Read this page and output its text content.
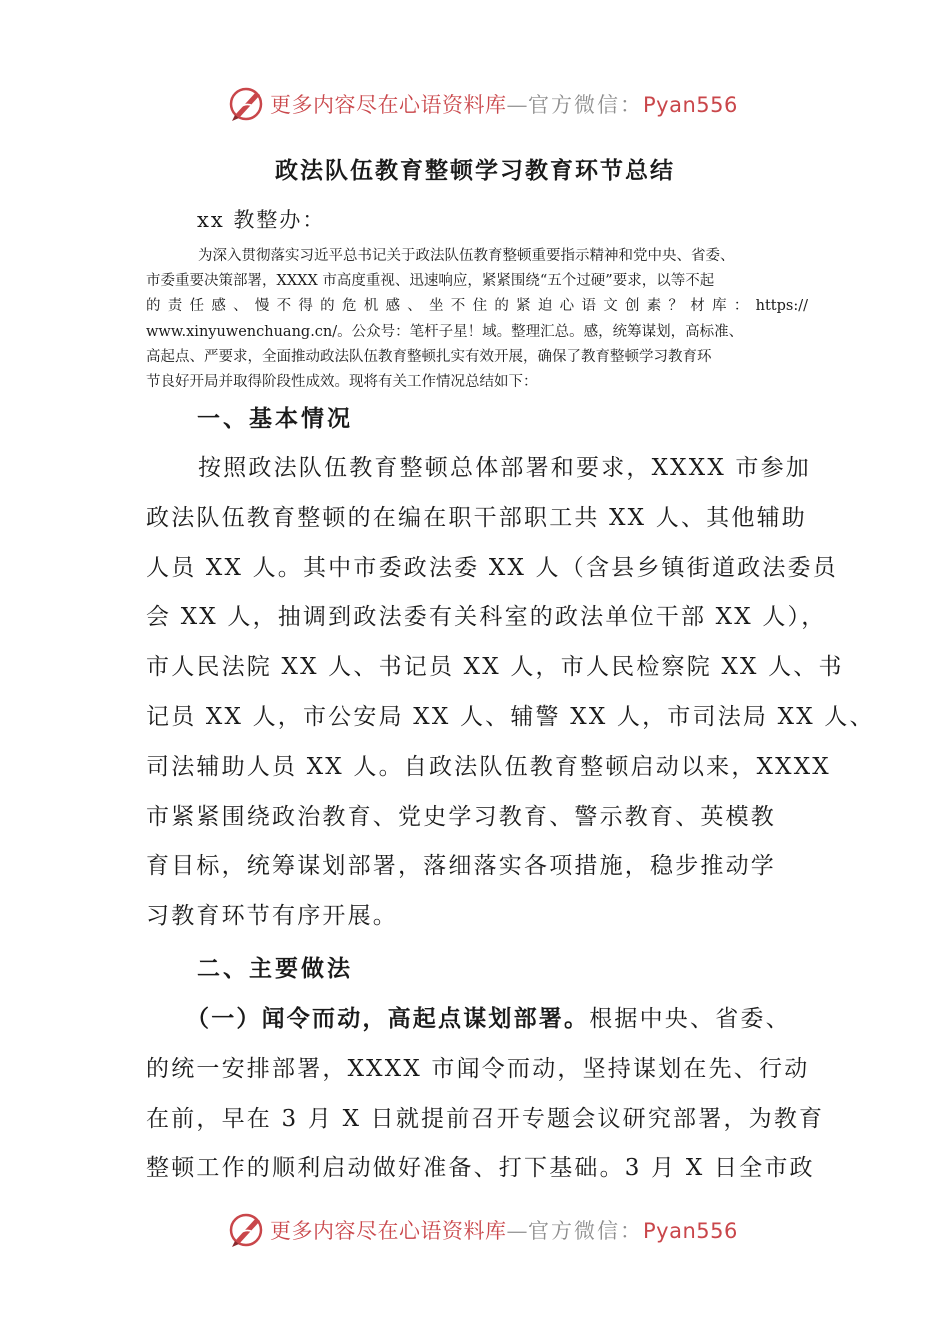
更多内容尽在心语资料库—官方微信：Pyan556
政法队伍教育整顿学习教育环节总结

xx 教整办：

为深入贯彻落实习近平总书记关于政法队伍教育整顿重要指示精神和党中央、省委、
市委重要决策部署，XXXX 市高度重视、迅速响应，紧紧围绕“五个过硬”要求，以等不起
的责任感、慢不得的危机感、坐不住的紧迫心语文创素？材库：https://
www.xinyuwenchuang.cn/。公众号：笔杆子星！域。整理汇总。感，统筹谋划，高标准、
高起点、严要求，全面推动政法队伍教育整顿扎实有效开展，确保了教育整顿学习教育环
节良好开局并取得阶段性成效。现将有关工作情况总结如下：
一、基本情况
按照政法队伍教育整顿总体部署和要求，XXXX 市参加
政法队伍教育整顿的在编在职干部职工共 XX 人、其他辅助
人员 XX 人。其中市委政法委 XX 人（含县乡镇街道政法委员
会 XX 人，抽调到政法委有关科室的政法单位干部 XX 人），
市人民法院 XX 人、书记员 XX 人，市人民检察院 XX 人、书
记员 XX 人，市公安局 XX 人、辅警 XX 人，市司法局 XX 人、
司法辅助人员 XX 人。自政法队伍教育整顿启动以来，XXXX
市紧紧围绕政治教育、党史学习教育、警示教育、英模教
育目标，统筹谋划部署，落细落实各项措施，稳步推动学
习教育环节有序开展。
二、主要做法
（一）闻令而动，高起点谋划部署。根据中央、省委、
的统一安排部署，XXXX 市闻令而动，坚持谋划在先、行动
在前，早在 3 月 X 日就提前召开专题会议研究部署，为教育
整顿工作的顺利启动做好准备、打下基础。3 月 X 日全市政
更多内容尽在心语资料库—官方微信：Pyan556
